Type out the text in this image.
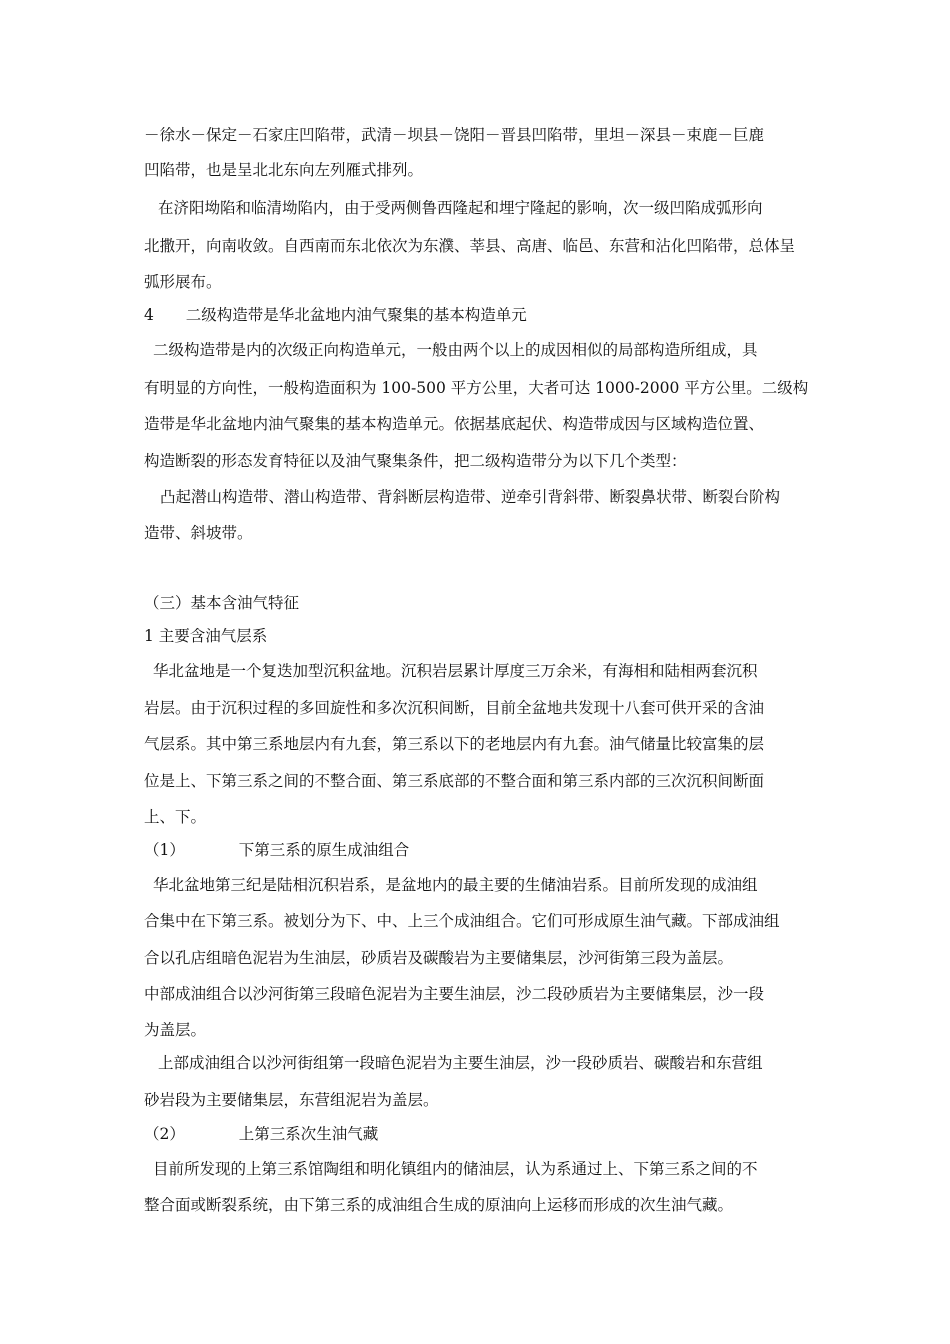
－徐水－保定－石家庄凹陷带，武清－坝县－饶阳－晋县凹陷带，里坦－深县－束鹿－巨鹿
凹陷带，也是呈北北东向左列雁式排列。
在济阳坳陷和临清坳陷内，由于受两侧鲁西隆起和埋宁隆起的影响，次一级凹陷成弧形向
北撒开，向南收敛。自西南而东北依次为东濮、莘县、高唐、临邑、东营和沾化凹陷带，总体呈
弧形展布。
4 二级构造带是华北盆地内油气聚集的基本构造单元
二级构造带是内的次级正向构造单元，一般由两个以上的成因相似的局部构造所组成，具
有明显的方向性，一般构造面积为 100-500 平方公里，大者可达 1000-2000 平方公里。二级构
造带是华北盆地内油气聚集的基本构造单元。依据基底起伏、构造带成因与区域构造位置、
构造断裂的形态发育特征以及油气聚集条件，把二级构造带分为以下几个类型：
凸起潜山构造带、潜山构造带、背斜断层构造带、逆牵引背斜带、断裂鼻状带、断裂台阶构
造带、斜坡带。
（三）基本含油气特征
1 主要含油气层系
华北盆地是一个复迭加型沉积盆地。沉积岩层累计厚度三万余米，有海相和陆相两套沉积
岩层。由于沉积过程的多回旋性和多次沉积间断，目前全盆地共发现十八套可供开采的含油
气层系。其中第三系地层内有九套，第三系以下的老地层内有九套。油气储量比较富集的层
位是上、下第三系之间的不整合面、第三系底部的不整合面和第三系内部的三次沉积间断面
上、下。
（1）	下第三系的原生成油组合
华北盆地第三纪是陆相沉积岩系，是盆地内的最主要的生储油岩系。目前所发现的成油组
合集中在下第三系。被划分为下、中、上三个成油组合。它们可形成原生油气藏。下部成油组
合以孔店组暗色泥岩为生油层，砂质岩及碳酸岩为主要储集层，沙河街第三段为盖层。
中部成油组合以沙河街第三段暗色泥岩为主要生油层，沙二段砂质岩为主要储集层，沙一段
为盖层。
上部成油组合以沙河街组第一段暗色泥岩为主要生油层，沙一段砂质岩、碳酸岩和东营组
砂岩段为主要储集层，东营组泥岩为盖层。
（2）	上第三系次生油气藏
目前所发现的上第三系馆陶组和明化镇组内的储油层，认为系通过上、下第三系之间的不
整合面或断裂系统，由下第三系的成油组合生成的原油向上运移而形成的次生油气藏。
